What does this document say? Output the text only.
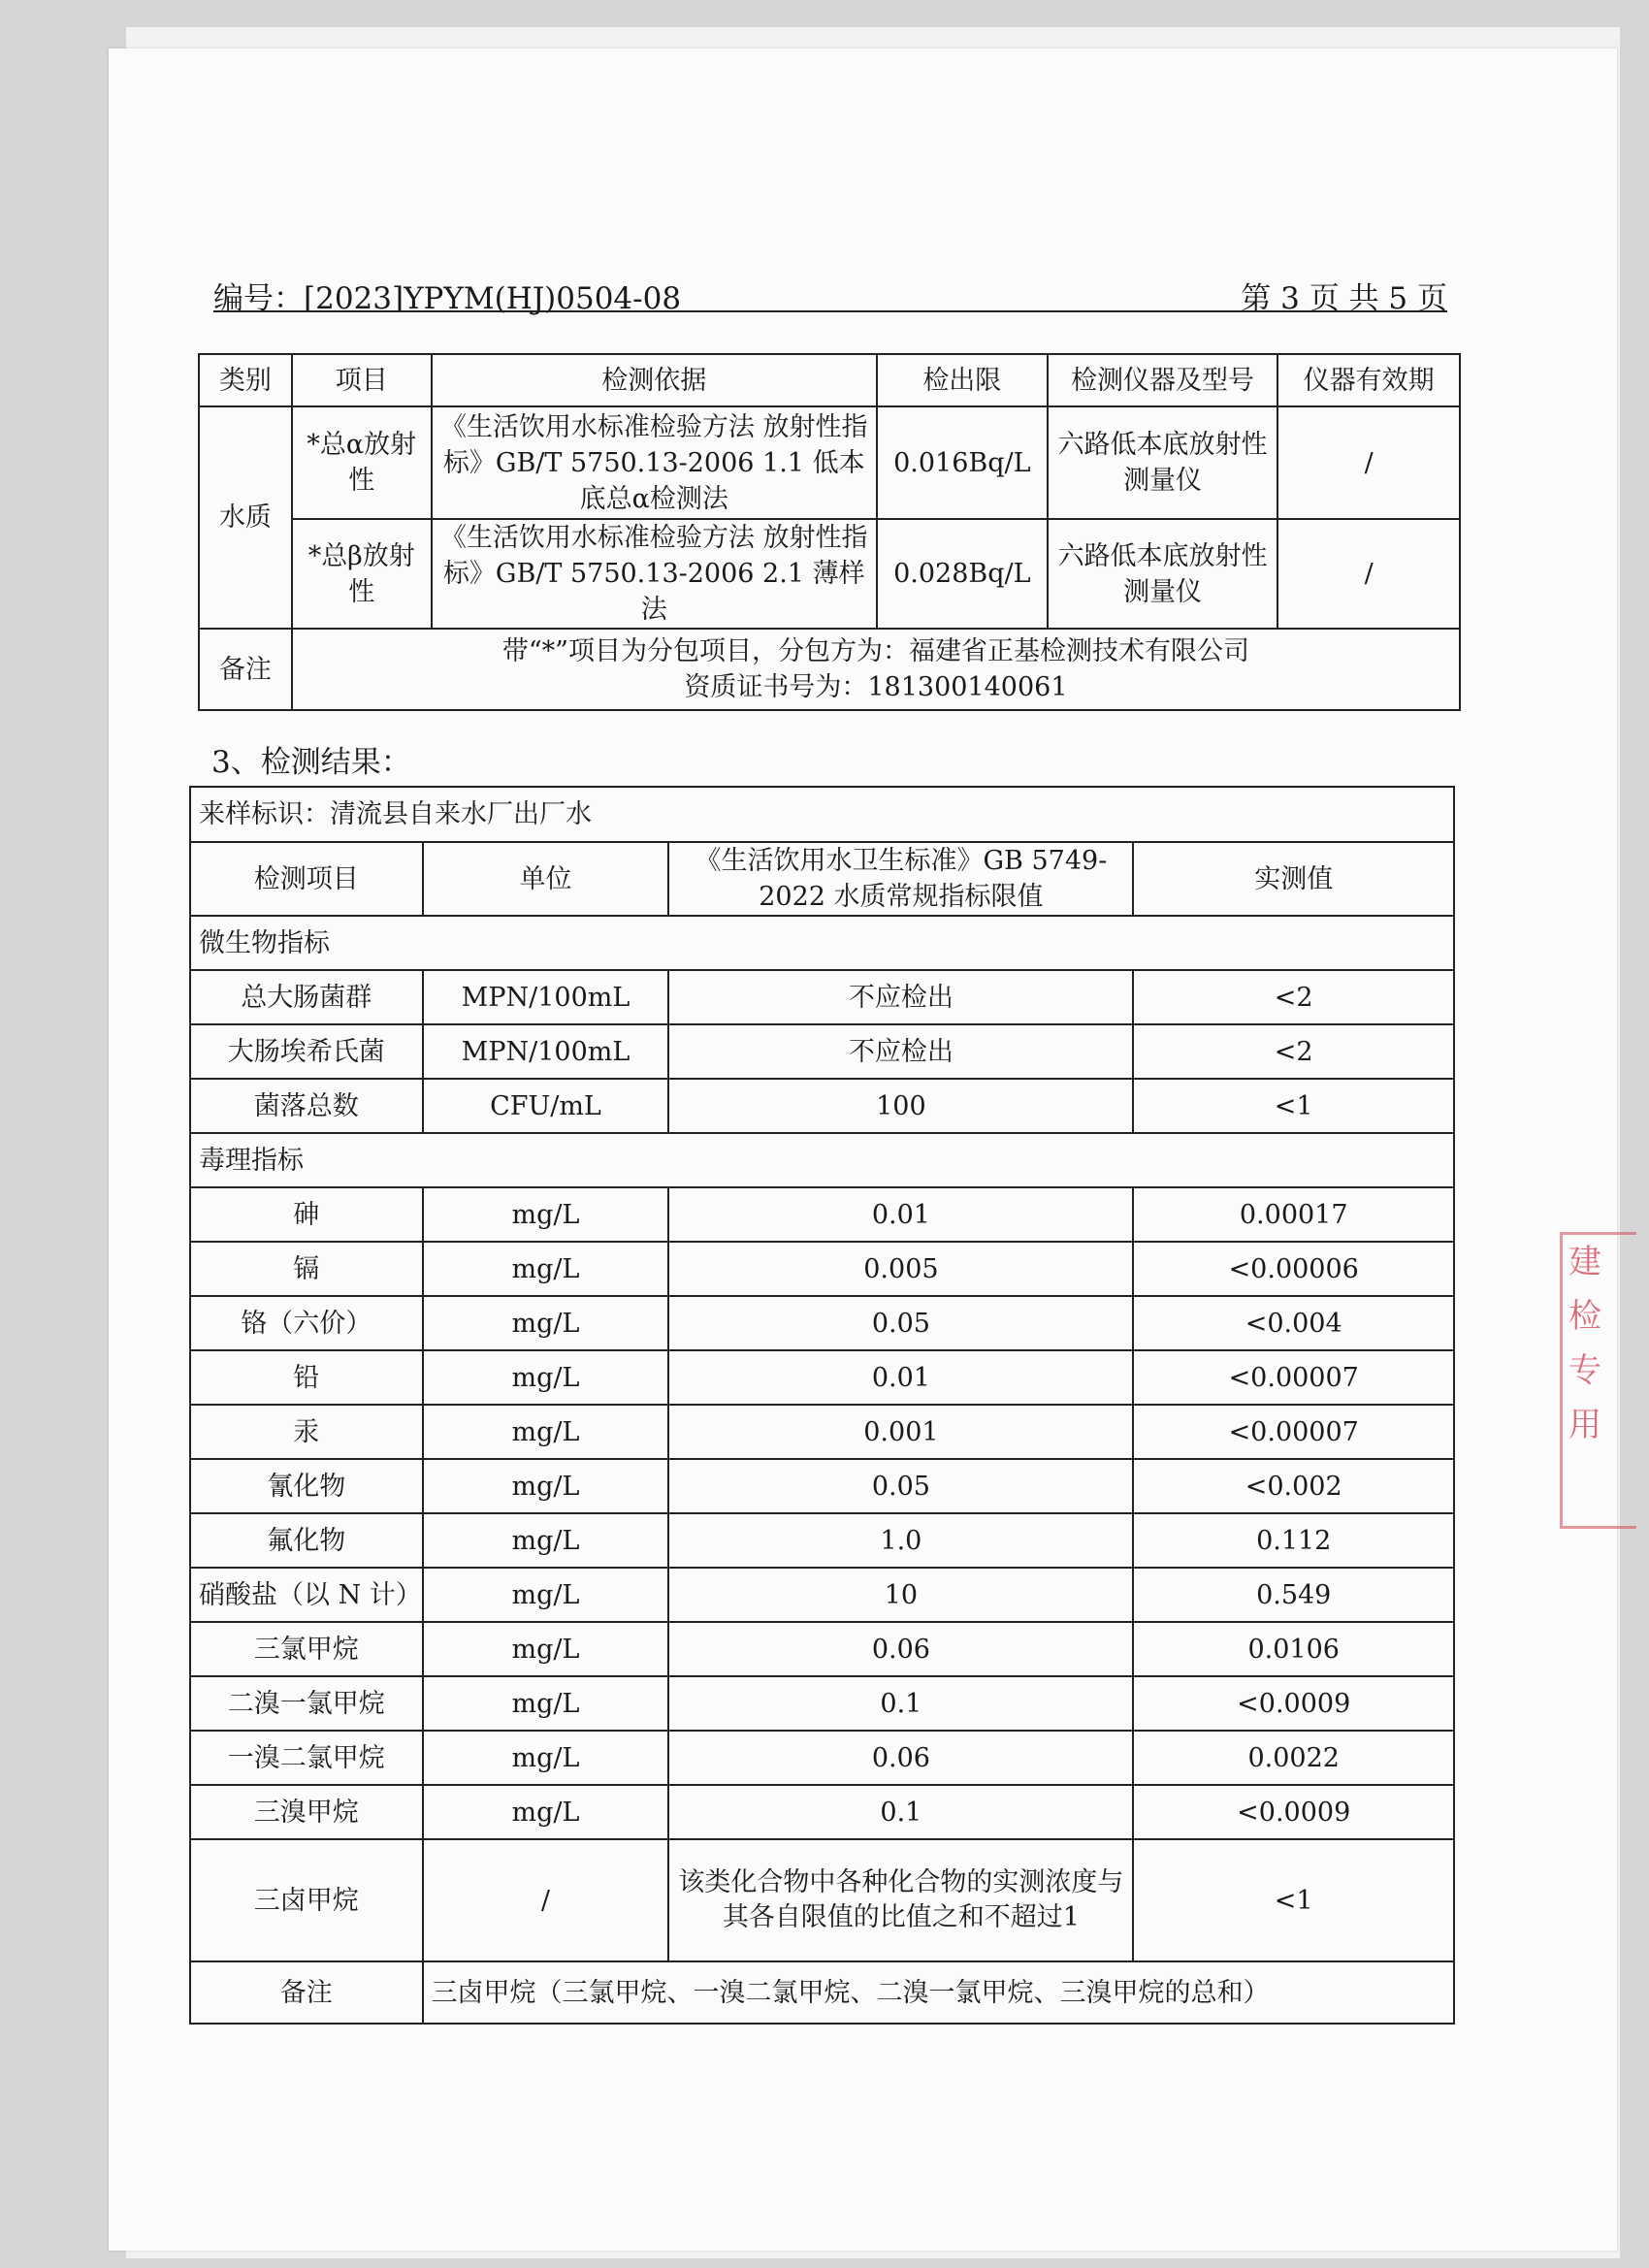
编号：[2023]YPYM(HJ)0504-08	第 3 页 共 5 页
类别	项目	检测依据	检出限	检测仪器及型号	仪器有效期
水质	*总α放射性	《生活饮用水标准检验方法 放射性指标》GB/T 5750.13-2006 1.1 低本底总α检测法	0.016Bq/L	六路低本底放射性测量仪	/
	*总β放射性	《生活饮用水标准检验方法 放射性指标》GB/T 5750.13-2006 2.1 薄样法	0.028Bq/L	六路低本底放射性测量仪	/
备注	带“*”项目为分包项目，分包方为：福建省正基检测技术有限公司
资质证书号为：181300140061				
3、检测结果：
来样标识：清流县自来水厂出厂水			
检测项目	单位	《生活饮用水卫生标准》GB 5749-2022 水质常规指标限值	实测值
微生物指标			
总大肠菌群	MPN/100mL	不应检出	<2
大肠埃希氏菌	MPN/100mL	不应检出	<2
菌落总数	CFU/mL	100	<1
毒理指标			
砷	mg/L	0.01	0.00017
镉	mg/L	0.005	<0.00006
铬（六价）	mg/L	0.05	<0.004
铅	mg/L	0.01	<0.00007
汞	mg/L	0.001	<0.00007
氰化物	mg/L	0.05	<0.002
氟化物	mg/L	1.0	0.112
硝酸盐（以 N 计）	mg/L	10	0.549
三氯甲烷	mg/L	0.06	0.0106
二溴一氯甲烷	mg/L	0.1	<0.0009
一溴二氯甲烷	mg/L	0.06	0.0022
三溴甲烷	mg/L	0.1	<0.0009
三卤甲烷	/	该类化合物中各种化合物的实测浓度与其各自限值的比值之和不超过1	<1
备注	三卤甲烷（三氯甲烷、一溴二氯甲烷、二溴一氯甲烷、三溴甲烷的总和）		
建 检 专 用
